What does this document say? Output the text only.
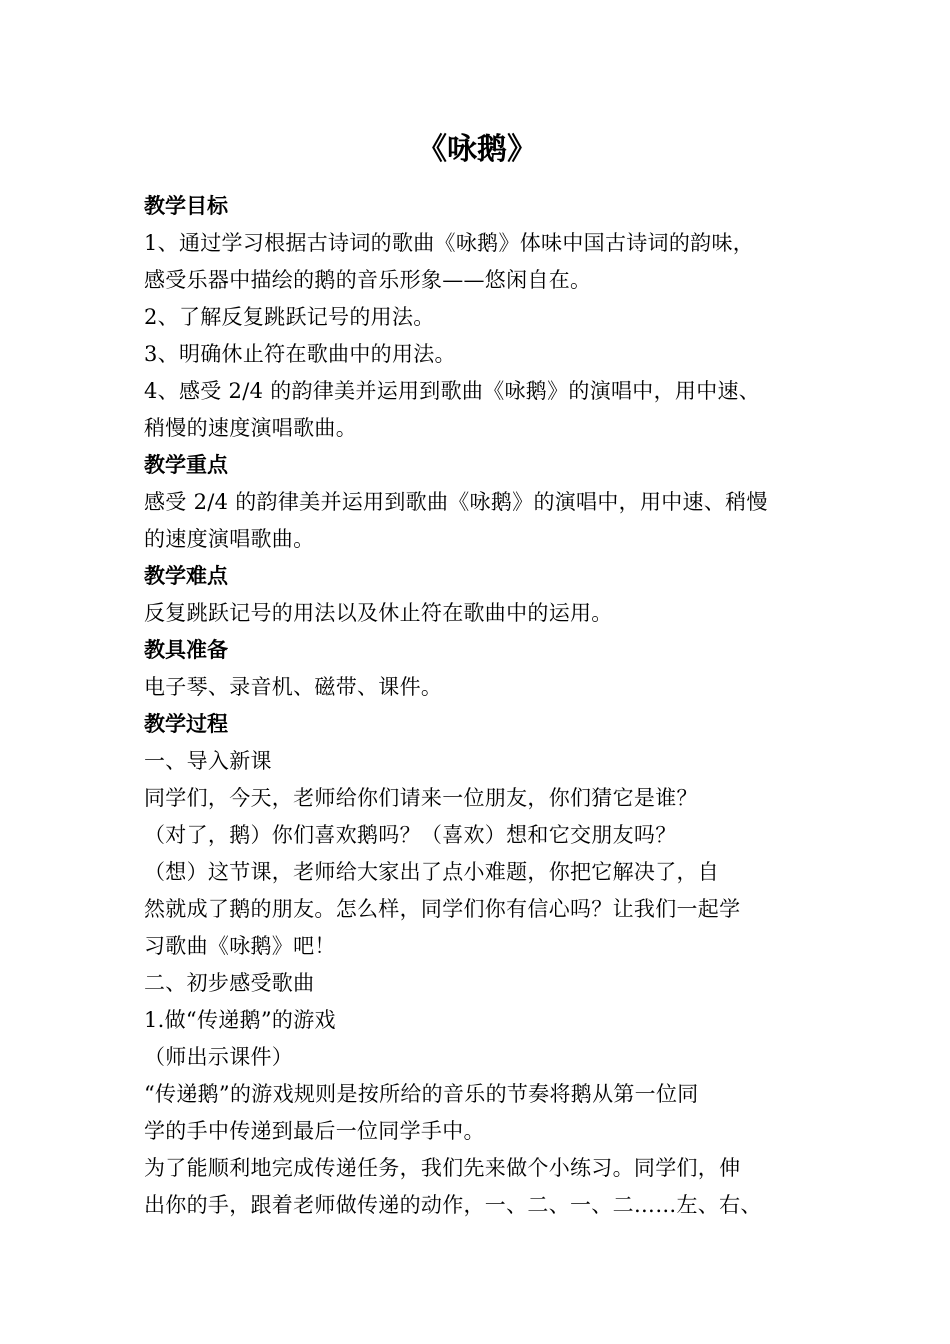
《咏鹅》
教学目标
1、通过学习根据古诗词的歌曲《咏鹅》体味中国古诗词的韵味，
感受乐器中描绘的鹅的音乐形象——悠闲自在。
2、了解反复跳跃记号的用法。
3、明确休止符在歌曲中的用法。
4、感受 2/4 的韵律美并运用到歌曲《咏鹅》的演唱中，用中速、
稍慢的速度演唱歌曲。
教学重点
感受 2/4 的韵律美并运用到歌曲《咏鹅》的演唱中，用中速、稍慢
的速度演唱歌曲。
教学难点
反复跳跃记号的用法以及休止符在歌曲中的运用。
教具准备
电子琴、录音机、磁带、课件。
教学过程
一、导入新课
同学们，今天，老师给你们请来一位朋友，你们猜它是谁？
（对了，鹅）你们喜欢鹅吗？（喜欢）想和它交朋友吗？
（想）这节课，老师给大家出了点小难题，你把它解决了，自
然就成了鹅的朋友。怎么样，同学们你有信心吗？让我们一起学
习歌曲《咏鹅》吧！
二、初步感受歌曲
1.做“传递鹅”的游戏
（师出示课件）
“传递鹅”的游戏规则是按所给的音乐的节奏将鹅从第一位同
学的手中传递到最后一位同学手中。
为了能顺利地完成传递任务，我们先来做个小练习。同学们，伸
出你的手，跟着老师做传递的动作，一、二、一、二……左、右、
